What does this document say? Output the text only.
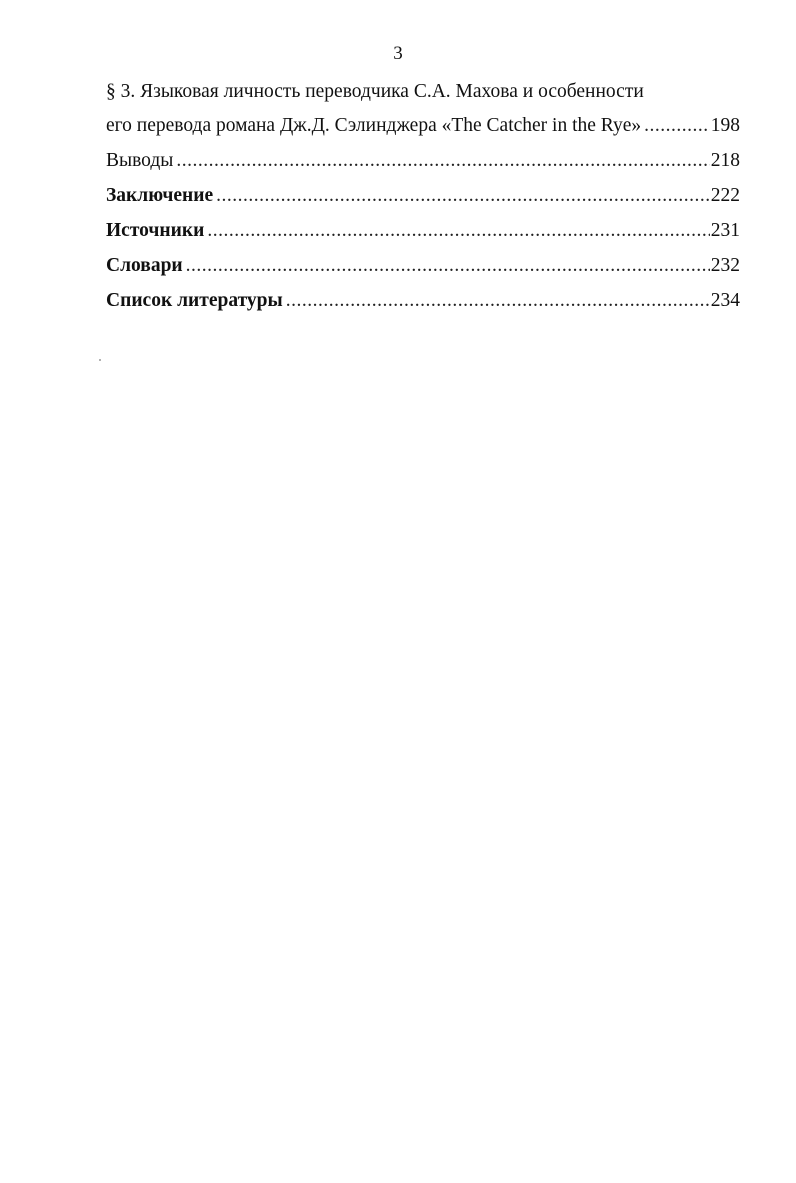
3
§ 3. Языковая личность переводчика С.А. Махова и особенности
его перевода романа Дж.Д. Сэлинджера «The Catcher in the Rye» .....	198
Выводы .....	218
Заключение .....	222
Источники .....	231
Словари .....	232
Список литературы .....	234
